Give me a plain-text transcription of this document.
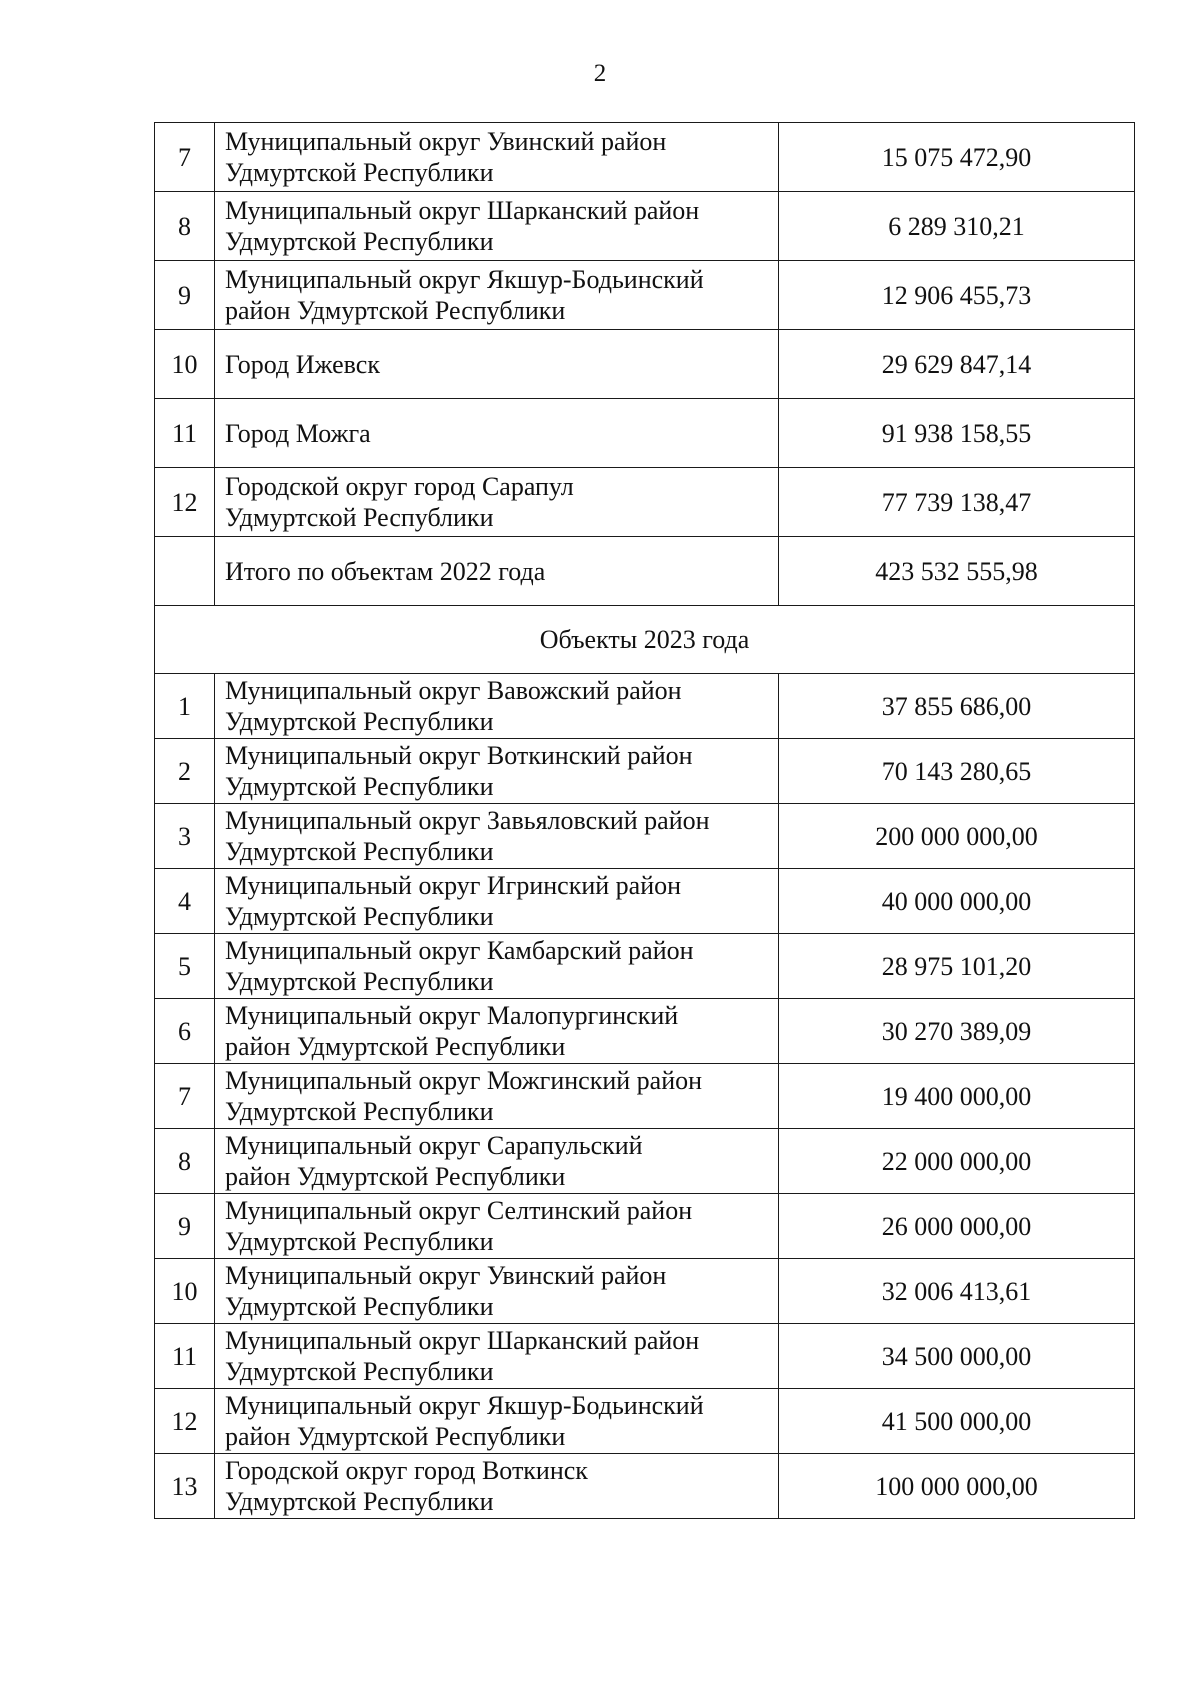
2
7	Муниципальный округ Увинский район
Удмуртской Республики	15 075 472,90
8	Муниципальный округ Шарканский район
Удмуртской Республики	6 289 310,21
9	Муниципальный округ Якшур-Бодьинский
район Удмуртской Республики	12 906 455,73
10	Город Ижевск	29 629 847,14
11	Город Можга	91 938 158,55
12	Городской округ город Сарапул
Удмуртской Республики	77 739 138,47
	Итого по объектам 2022 года	423 532 555,98
Объекты 2023 года		
1	Муниципальный округ Вавожский район
Удмуртской Республики	37 855 686,00
2	Муниципальный округ Воткинский район
Удмуртской Республики	70 143 280,65
3	Муниципальный округ Завьяловский район
Удмуртской Республики	200 000 000,00
4	Муниципальный округ Игринский район
Удмуртской Республики	40 000 000,00
5	Муниципальный округ Камбарский район
Удмуртской Республики	28 975 101,20
6	Муниципальный округ Малопургинский
район Удмуртской Республики	30 270 389,09
7	Муниципальный округ Можгинский район
Удмуртской Республики	19 400 000,00
8	Муниципальный округ Сарапульский
район Удмуртской Республики	22 000 000,00
9	Муниципальный округ Селтинский район
Удмуртской Республики	26 000 000,00
10	Муниципальный округ Увинский район
Удмуртской Республики	32 006 413,61
11	Муниципальный округ Шарканский район
Удмуртской Республики	34 500 000,00
12	Муниципальный округ Якшур-Бодьинский
район Удмуртской Республики	41 500 000,00
13	Городской округ город Воткинск
Удмуртской Республики	100 000 000,00
